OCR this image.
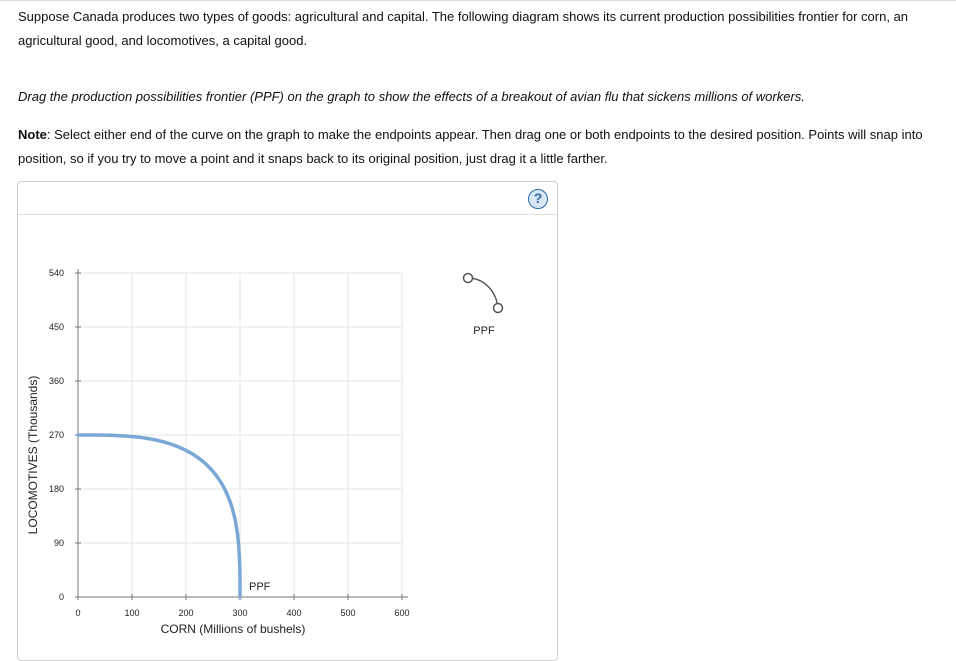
Suppose Canada produces two types of goods: agricultural and capital. The following diagram shows its current production possibilities frontier for corn, an agricultural good, and locomotives, a capital good.
Drag the production possibilities frontier (PPF) on the graph to show the effects of a breakout of avian flu that sickens millions of workers.
Note: Select either end of the curve on the graph to make the endpoints appear. Then drag one or both endpoints to the desired position. Points will snap into position, so if you try to move a point and it snaps back to its original position, just drag it a little farther.
?
0	100	200	300	400	500	600
0
90
180
270
360
450
540
CORN (Millions of bushels)
LOCOMOTIVES (Thousands)
PPF
PPF
